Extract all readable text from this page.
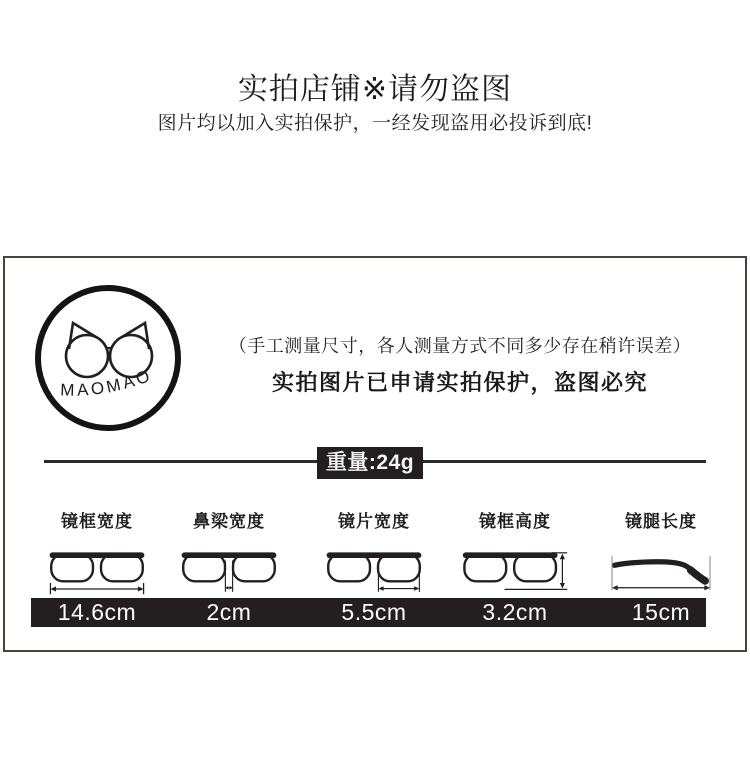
实拍店铺※请勿盗图
图片均以加入实拍保护，一经发现盗用必投诉到底!
MAOMAO
（手工测量尺寸，各人测量方式不同多少存在稍许误差）
实拍图片已申请实拍保护，盗图必究
重量:24g
镜框宽度
14.6cm
鼻梁宽度
2cm
镜片宽度
5.5cm
镜框高度
3.2cm
镜腿长度
15cm
